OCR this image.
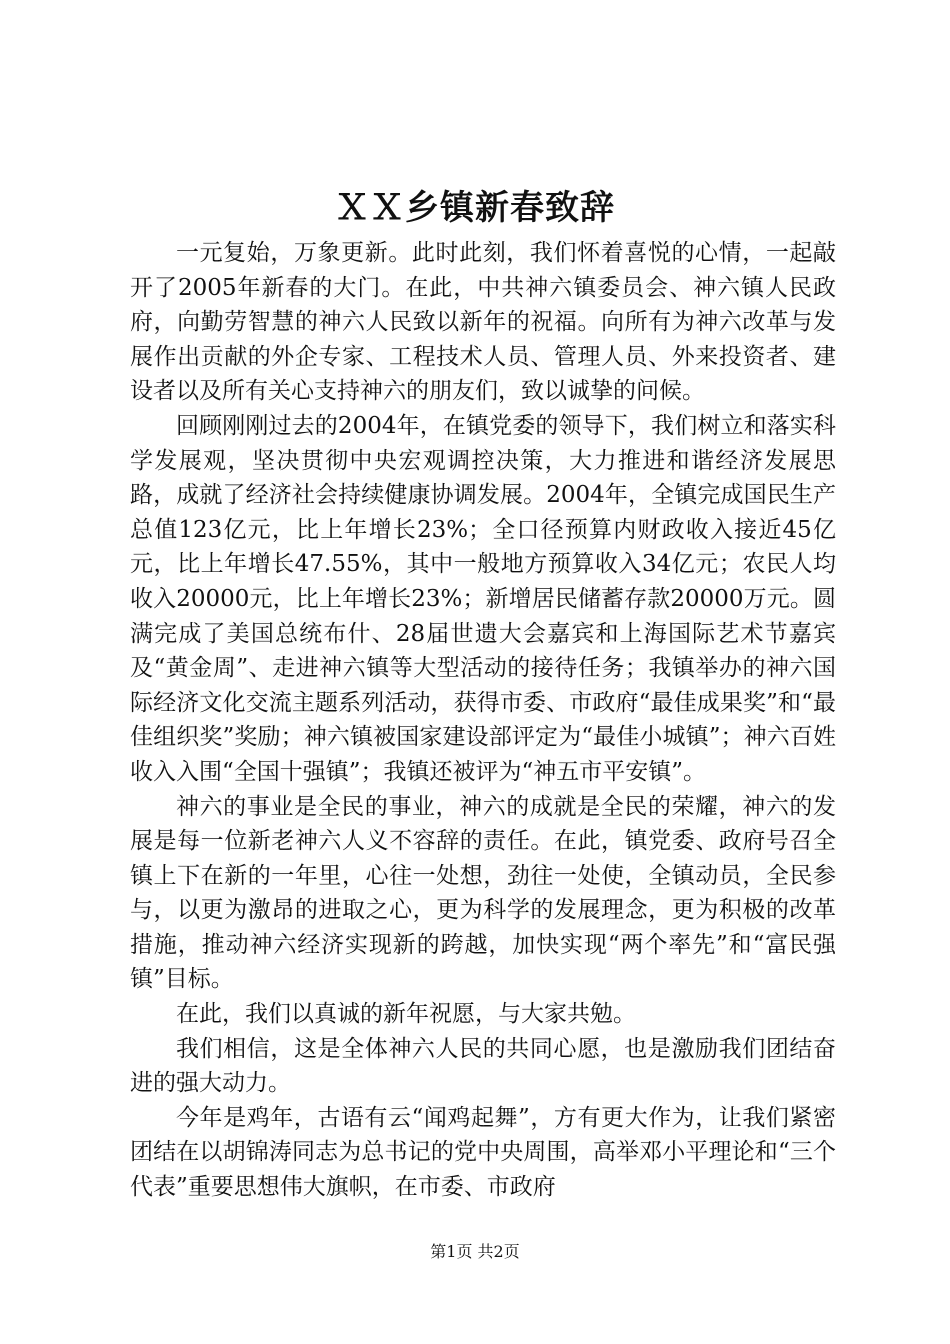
ＸＸ乡镇新春致辞

一元复始，万象更新。此时此刻，我们怀着喜悦的心情，一起敲开了2005年新春的大门。在此，中共神六镇委员会、神六镇人民政府，向勤劳智慧的神六人民致以新年的祝福。向所有为神六改革与发展作出贡献的外企专家、工程技术人员、管理人员、外来投资者、建设者以及所有关心支持神六的朋友们，致以诚挚的问候。

回顾刚刚过去的2004年，在镇党委的领导下，我们树立和落实科学发展观，坚决贯彻中央宏观调控决策，大力推进和谐经济发展思路，成就了经济社会持续健康协调发展。2004年，全镇完成国民生产总值123亿元，比上年增长23%；全口径预算内财政收入接近45亿元，比上年增长47.55%，其中一般地方预算收入34亿元；农民人均收入20000元，比上年增长23%；新增居民储蓄存款20000万元。圆满完成了美国总统布什、28届世遗大会嘉宾和上海国际艺术节嘉宾及“黄金周”、走进神六镇等大型活动的接待任务；我镇举办的神六国际经济文化交流主题系列活动，获得市委、市政府“最佳成果奖”和“最佳组织奖”奖励；神六镇被国家建设部评定为“最佳小城镇”；神六百姓收入入围“全国十强镇”；我镇还被评为“神五市平安镇”。

神六的事业是全民的事业，神六的成就是全民的荣耀，神六的发展是每一位新老神六人义不容辞的责任。在此，镇党委、政府号召全镇上下在新的一年里，心往一处想，劲往一处使，全镇动员，全民参与，以更为激昂的进取之心，更为科学的发展理念，更为积极的改革措施，推动神六经济实现新的跨越，加快实现“两个率先”和“富民强镇”目标。

在此，我们以真诚的新年祝愿，与大家共勉。

我们相信，这是全体神六人民的共同心愿，也是激励我们团结奋进的强大动力。

今年是鸡年，古语有云“闻鸡起舞”，方有更大作为，让我们紧密团结在以胡锦涛同志为总书记的党中央周围，高举邓小平理论和“三个代表”重要思想伟大旗帜，在市委、市政府

第1页 共2页
